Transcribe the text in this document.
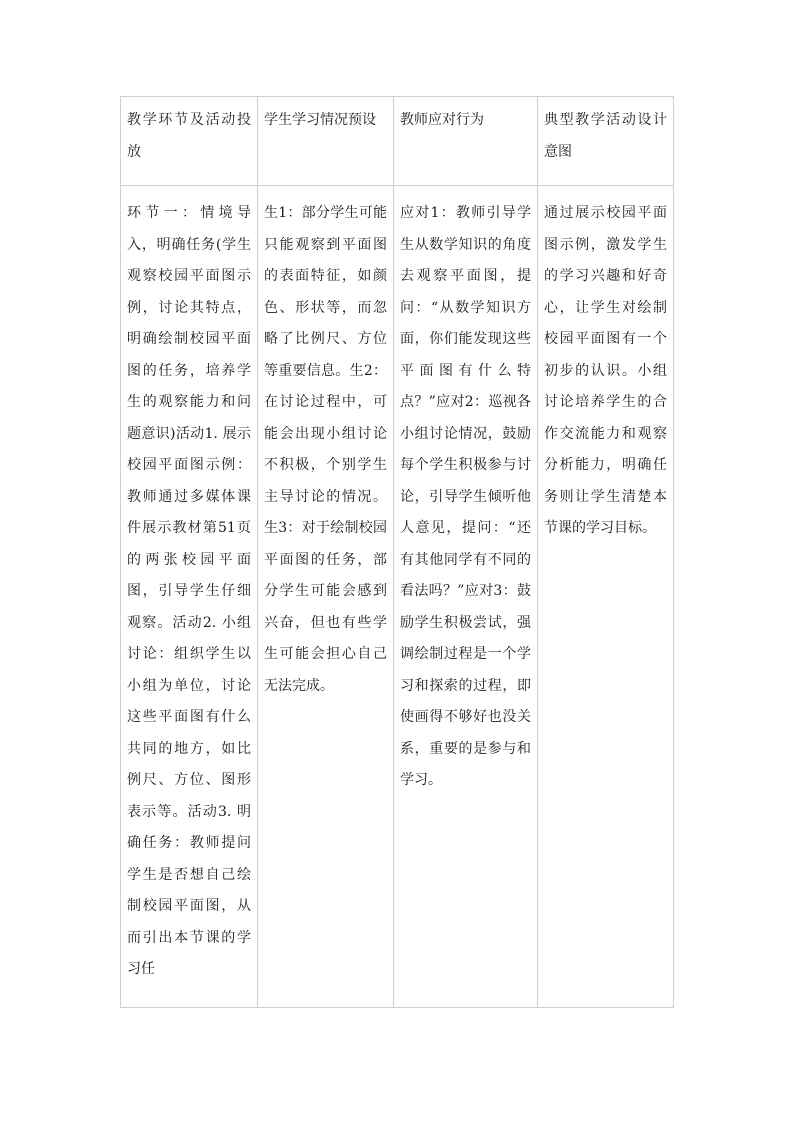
教学环节及活动投放	学生学习情况预设	教师应对行为	典型教学活动设计意图
环节一：情境导入，明确任务(学生观察校园平面图示例，讨论其特点，明确绘制校园平面图的任务，培养学生的观察能力和问题意识)活动1. 展示校园平面图示例：教师通过多媒体课件展示教材第51页的两张校园平面图，引导学生仔细观察。活动2. 小组讨论：组织学生以小组为单位，讨论这些平面图有什么共同的地方，如比例尺、方位、图形表示等。活动3. 明确任务：教师提问学生是否想自己绘制校园平面图，从而引出本节课的学习任	生1：部分学生可能只能观察到平面图的表面特征，如颜色、形状等，而忽略了比例尺、方位等重要信息。生2：在讨论过程中，可能会出现小组讨论不积极，个别学生主导讨论的情况。生3：对于绘制校园平面图的任务，部分学生可能会感到兴奋，但也有些学生可能会担心自己无法完成。	应对1：教师引导学生从数学知识的角度去观察平面图，提问：“从数学知识方面，你们能发现这些平面图有什么特点？”应对2：巡视各小组讨论情况，鼓励每个学生积极参与讨论，引导学生倾听他人意见，提问：“还有其他同学有不同的看法吗？”应对3：鼓励学生积极尝试，强调绘制过程是一个学习和探索的过程，即使画得不够好也没关系，重要的是参与和学习。	通过展示校园平面图示例，激发学生的学习兴趣和好奇心，让学生对绘制校园平面图有一个初步的认识。小组讨论培养学生的合作交流能力和观察分析能力，明确任务则让学生清楚本节课的学习目标。
